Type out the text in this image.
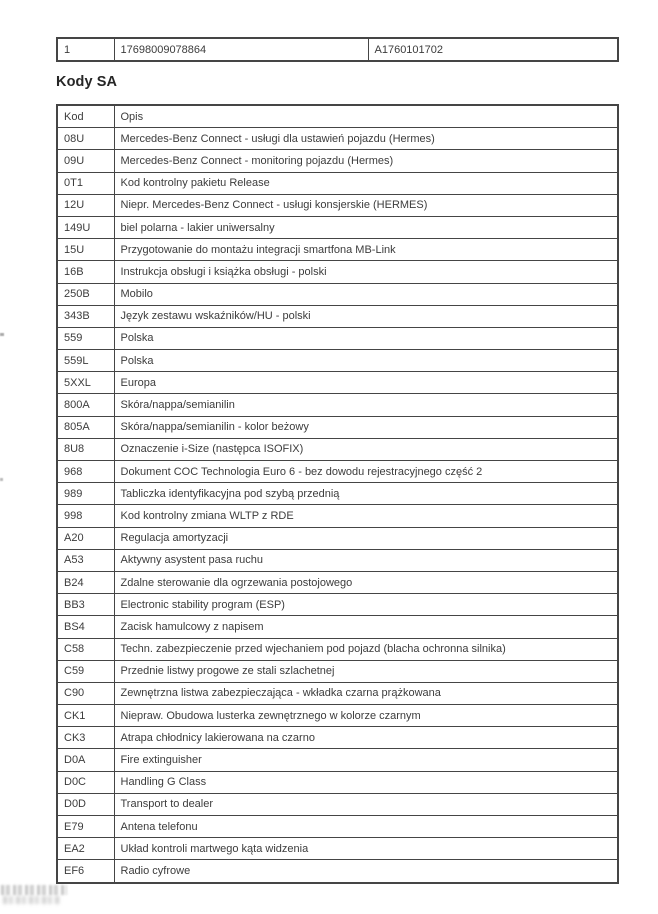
1	17698009078864	A1760101702
Kody SA
Kod	Opis
08U	Mercedes-Benz Connect - usługi dla ustawień pojazdu (Hermes)
09U	Mercedes-Benz Connect - monitoring pojazdu (Hermes)
0T1	Kod kontrolny pakietu Release
12U	Niepr. Mercedes-Benz Connect - usługi konsjerskie (HERMES)
149U	biel polarna - lakier uniwersalny
15U	Przygotowanie do montażu integracji smartfona MB-Link
16B	Instrukcja obsługi i książka obsługi - polski
250B	Mobilo
343B	Język zestawu wskaźników/HU - polski
559	Polska
559L	Polska
5XXL	Europa
800A	Skóra/nappa/semianilin
805A	Skóra/nappa/semianilin - kolor beżowy
8U8	Oznaczenie i-Size (następca ISOFIX)
968	Dokument COC Technologia Euro 6 - bez dowodu rejestracyjnego część 2
989	Tabliczka identyfikacyjna pod szybą przednią
998	Kod kontrolny zmiana WLTP z RDE
A20	Regulacja amortyzacji
A53	Aktywny asystent pasa ruchu
B24	Zdalne sterowanie dla ogrzewania postojowego
BB3	Electronic stability program (ESP)
BS4	Zacisk hamulcowy z napisem
C58	Techn. zabezpieczenie przed wjechaniem pod pojazd (blacha ochronna silnika)
C59	Przednie listwy progowe ze stali szlachetnej
C90	Zewnętrzna listwa zabezpieczająca - wkładka czarna prążkowana
CK1	Niepraw. Obudowa lusterka zewnętrznego w kolorze czarnym
CK3	Atrapa chłodnicy lakierowana na czarno
D0A	Fire extinguisher
D0C	Handling G Class
D0D	Transport to dealer
E79	Antena telefonu
EA2	Układ kontroli martwego kąta widzenia
EF6	Radio cyfrowe
